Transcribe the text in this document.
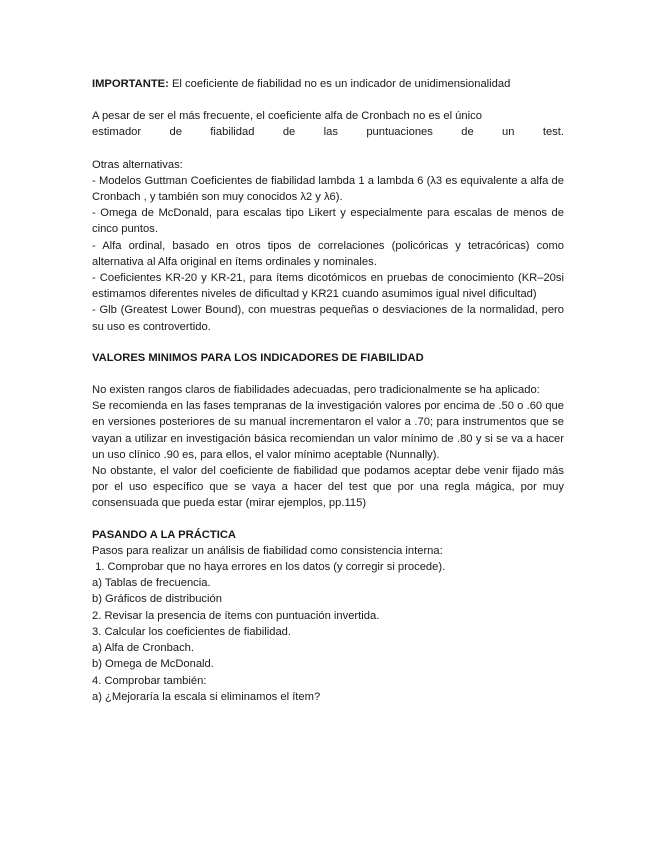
IMPORTANTE: El coeficiente de fiabilidad no es un indicador de unidimensionalidad

A pesar de ser el más frecuente, el coeficiente alfa de Cronbach no es el único
estimador	de	fiabilidad	de	las	puntuaciones	de	un	test.

Otras alternativas:

- Modelos Guttman Coeficientes de fiabilidad lambda 1 a lambda 6 (λ3 es equivalente a alfa de Cronbach , y también son muy conocidos λ2 y λ6).

- Omega de McDonald, para escalas tipo Likert y especialmente para escalas de menos de cinco puntos.

- Alfa ordinal, basado en otros tipos de correlaciones (policóricas y tetracóricas) como alternativa al Alfa original en ítems ordinales y nominales.

- Coeficientes KR-20 y KR-21, para ítems dicotómicos en pruebas de conocimiento (KR–20si estimamos diferentes niveles de dificultad y KR21 cuando asumimos igual nivel dificultad)

- Glb (Greatest Lower Bound), con muestras pequeñas o desviaciones de la normalidad, pero su uso es controvertido.

VALORES MINIMOS PARA LOS INDICADORES DE FIABILIDAD

No existen rangos claros de fiabilidades adecuadas, pero tradicionalmente se ha aplicado:

Se recomienda en las fases tempranas de la investigación valores por encima de .50 o .60 que en versiones posteriores de su manual incrementaron el valor a .70; para instrumentos que se vayan a utilizar en investigación básica recomiendan un valor mínimo de .80 y si se va a hacer un uso clínico .90 es, para ellos, el valor mínimo aceptable (Nunnally).

No obstante, el valor del coeficiente de fiabilidad que podamos aceptar debe venir fijado más por el uso específico que se vaya a hacer del test que por una regla mágica, por muy consensuada que pueda estar (mirar ejemplos, pp.115)

PASANDO A LA PRÁCTICA

Pasos para realizar un análisis de fiabilidad como consistencia interna:
1. Comprobar que no haya errores en los datos (y corregir si procede).
a) Tablas de frecuencia.
b) Gráficos de distribución
2. Revisar la presencia de ítems con puntuación invertida.
3. Calcular los coeficientes de fiabilidad.
a) Alfa de Cronbach.
b) Omega de McDonald.
4. Comprobar también:
a) ¿Mejoraría la escala si eliminamos el ítem?
